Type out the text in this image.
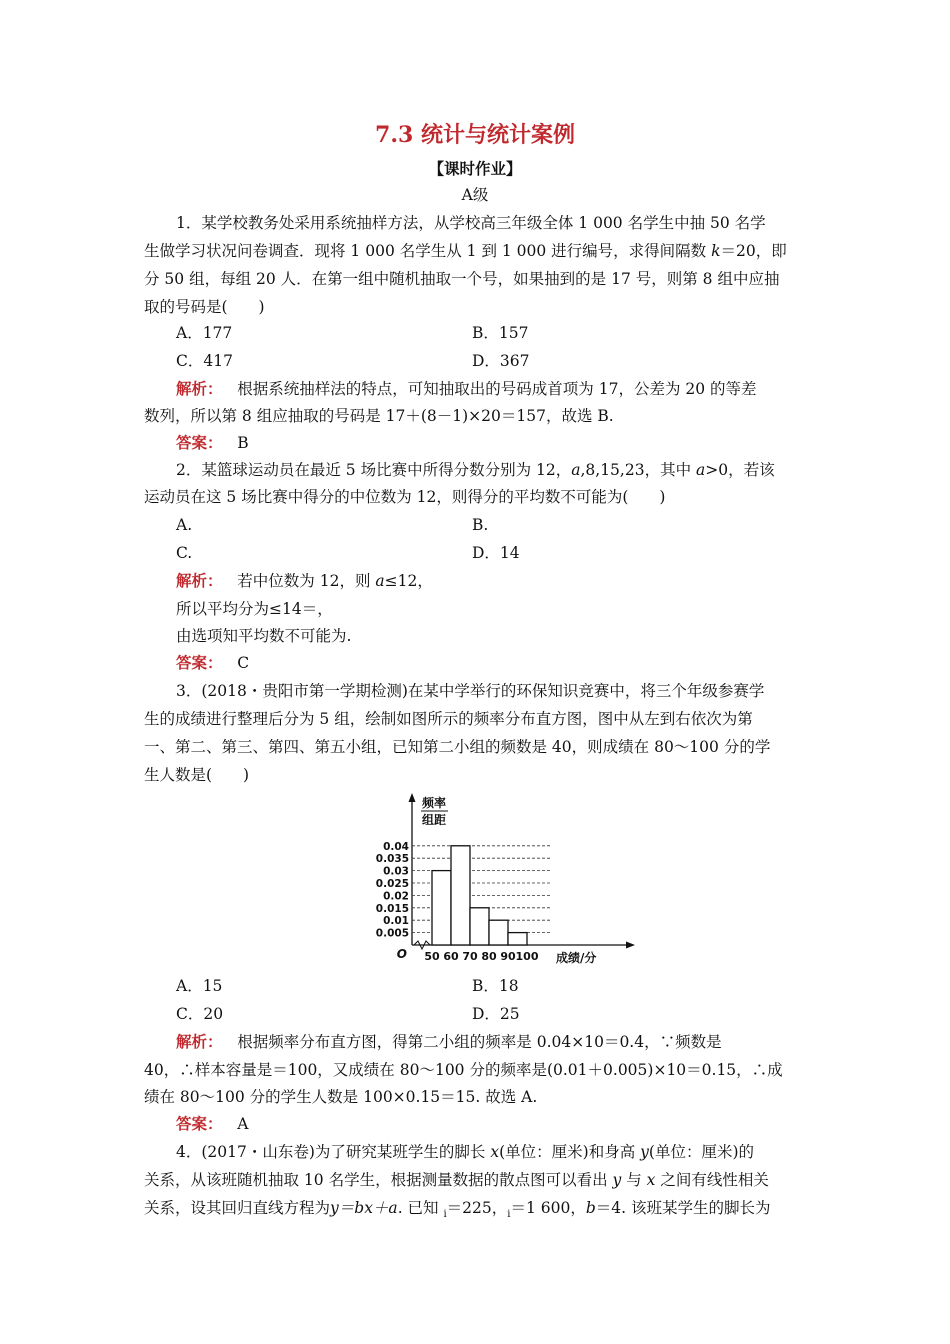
7.3 统计与统计案例
【课时作业】
A级
1．某学校教务处采用系统抽样方法，从学校高三年级全体 1 000 名学生中抽 50 名学
生做学习状况问卷调查．现将 1 000 名学生从 1 到 1 000 进行编号，求得间隔数 k＝20，即
分 50 组，每组 20 人．在第一组中随机抽取一个号，如果抽到的是 17 号，则第 8 组中应抽
取的号码是(　　)
A．177	B．157
C．417	D．367
解析： 根据系统抽样法的特点，可知抽取出的号码成首项为 17，公差为 20 的等差
数列，所以第 8 组应抽取的号码是 17＋(8－1)×20＝157，故选 B.
答案： B
2．某篮球运动员在最近 5 场比赛中所得分数分别为 12，a,8,15,23，其中 a>0，若该
运动员在这 5 场比赛中得分的中位数为 12，则得分的平均数不可能为(　　)
A.	B.
C.	D．14
解析： 若中位数为 12，则 a≤12，
所以平均分为≤14＝，
由选项知平均数不可能为.
答案： C
3．(2018・贵阳市第一学期检测)在某中学举行的环保知识竞赛中，将三个年级参赛学
生的成绩进行整理后分为 5 组，绘制如图所示的频率分布直方图，图中从左到右依次为第
一、第二、第三、第四、第五小组，已知第二小组的频数是 40，则成绩在 80～100 分的学
生人数是(　　)
频率
组距
0.04
0.035
0.03
0.025
0.02
0.015
0.01
0.005
50 60 70 80 90 100
O	成绩/分
A．15	B．18
C．20	D．25
解析： 根据频率分布直方图，得第二小组的频率是 0.04×10＝0.4，∵频数是
40，∴样本容量是＝100，又成绩在 80～100 分的频率是(0.01＋0.005)×10＝0.15，∴成
绩在 80～100 分的学生人数是 100×0.15＝15. 故选 A.
答案： A
4．(2017・山东卷)为了研究某班学生的脚长 x(单位：厘米)和身高 y(单位：厘米)的
关系，从该班随机抽取 10 名学生，根据测量数据的散点图可以看出 y 与 x 之间有线性相关
关系，设其回归直线方程为y＝bx＋a. 已知 $_i$＝225，$_i$＝1 600，b＝4. 该班某学生的脚长为
